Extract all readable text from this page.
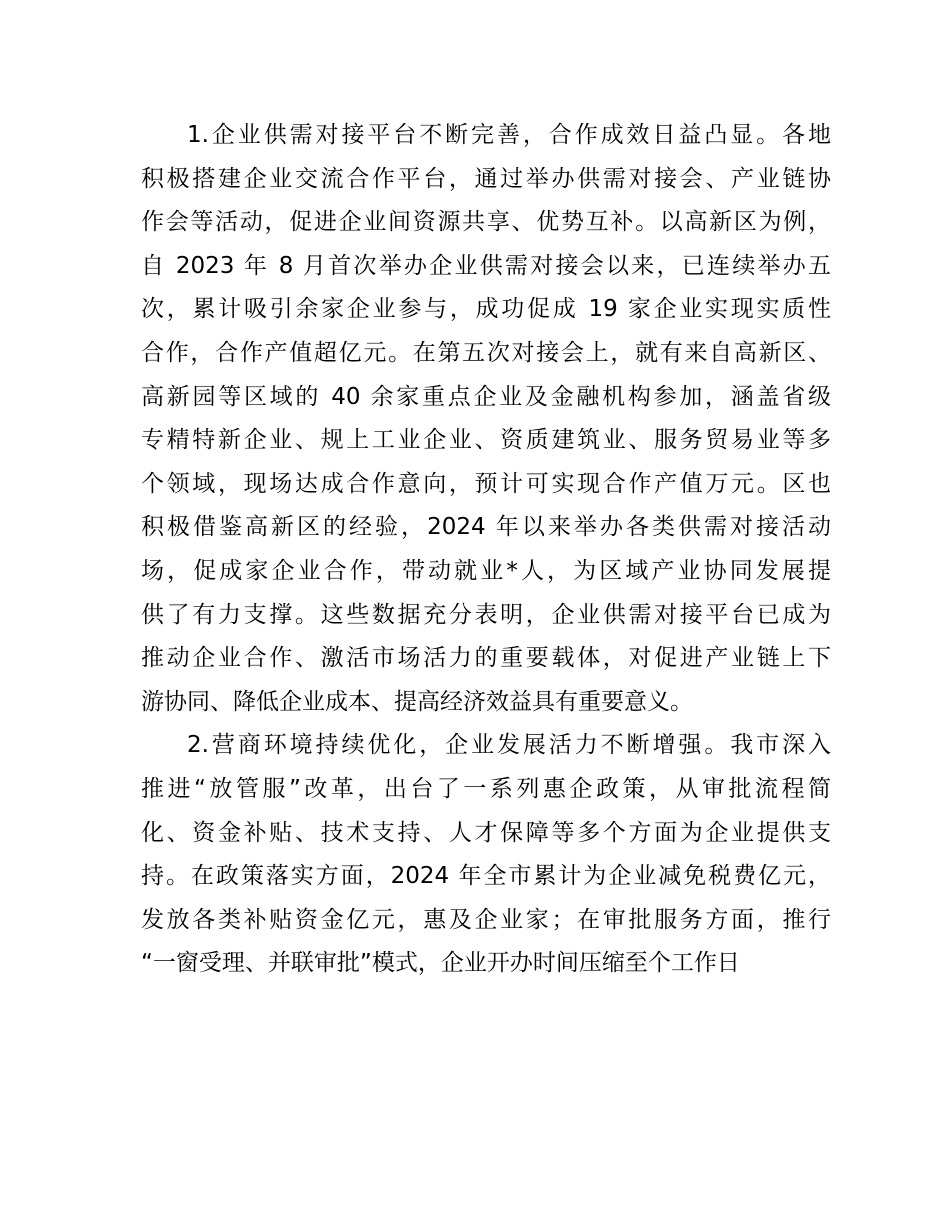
1.企业供需对接平台不断完善，合作成效日益凸显。各地
积极搭建企业交流合作平台，通过举办供需对接会、产业链协
作会等活动，促进企业间资源共享、优势互补。以高新区为例，
自 2023 年 8 月首次举办企业供需对接会以来，已连续举办五
次，累计吸引余家企业参与，成功促成 19 家企业实现实质性
合作，合作产值超亿元。在第五次对接会上，就有来自高新区、
高新园等区域的 40 余家重点企业及金融机构参加，涵盖省级
专精特新企业、规上工业企业、资质建筑业、服务贸易业等多
个领域，现场达成合作意向，预计可实现合作产值万元。区也
积极借鉴高新区的经验，2024 年以来举办各类供需对接活动
场，促成家企业合作，带动就业*人，为区域产业协同发展提
供了有力支撑。这些数据充分表明，企业供需对接平台已成为
推动企业合作、激活市场活力的重要载体，对促进产业链上下
游协同、降低企业成本、提高经济效益具有重要意义。
2.营商环境持续优化，企业发展活力不断增强。我市深入
推进“放管服”改革，出台了一系列惠企政策，从审批流程简
化、资金补贴、技术支持、人才保障等多个方面为企业提供支
持。在政策落实方面，2024 年全市累计为企业减免税费亿元，
发放各类补贴资金亿元，惠及企业家；在审批服务方面，推行
“一窗受理、并联审批”模式，企业开办时间压缩至个工作日
